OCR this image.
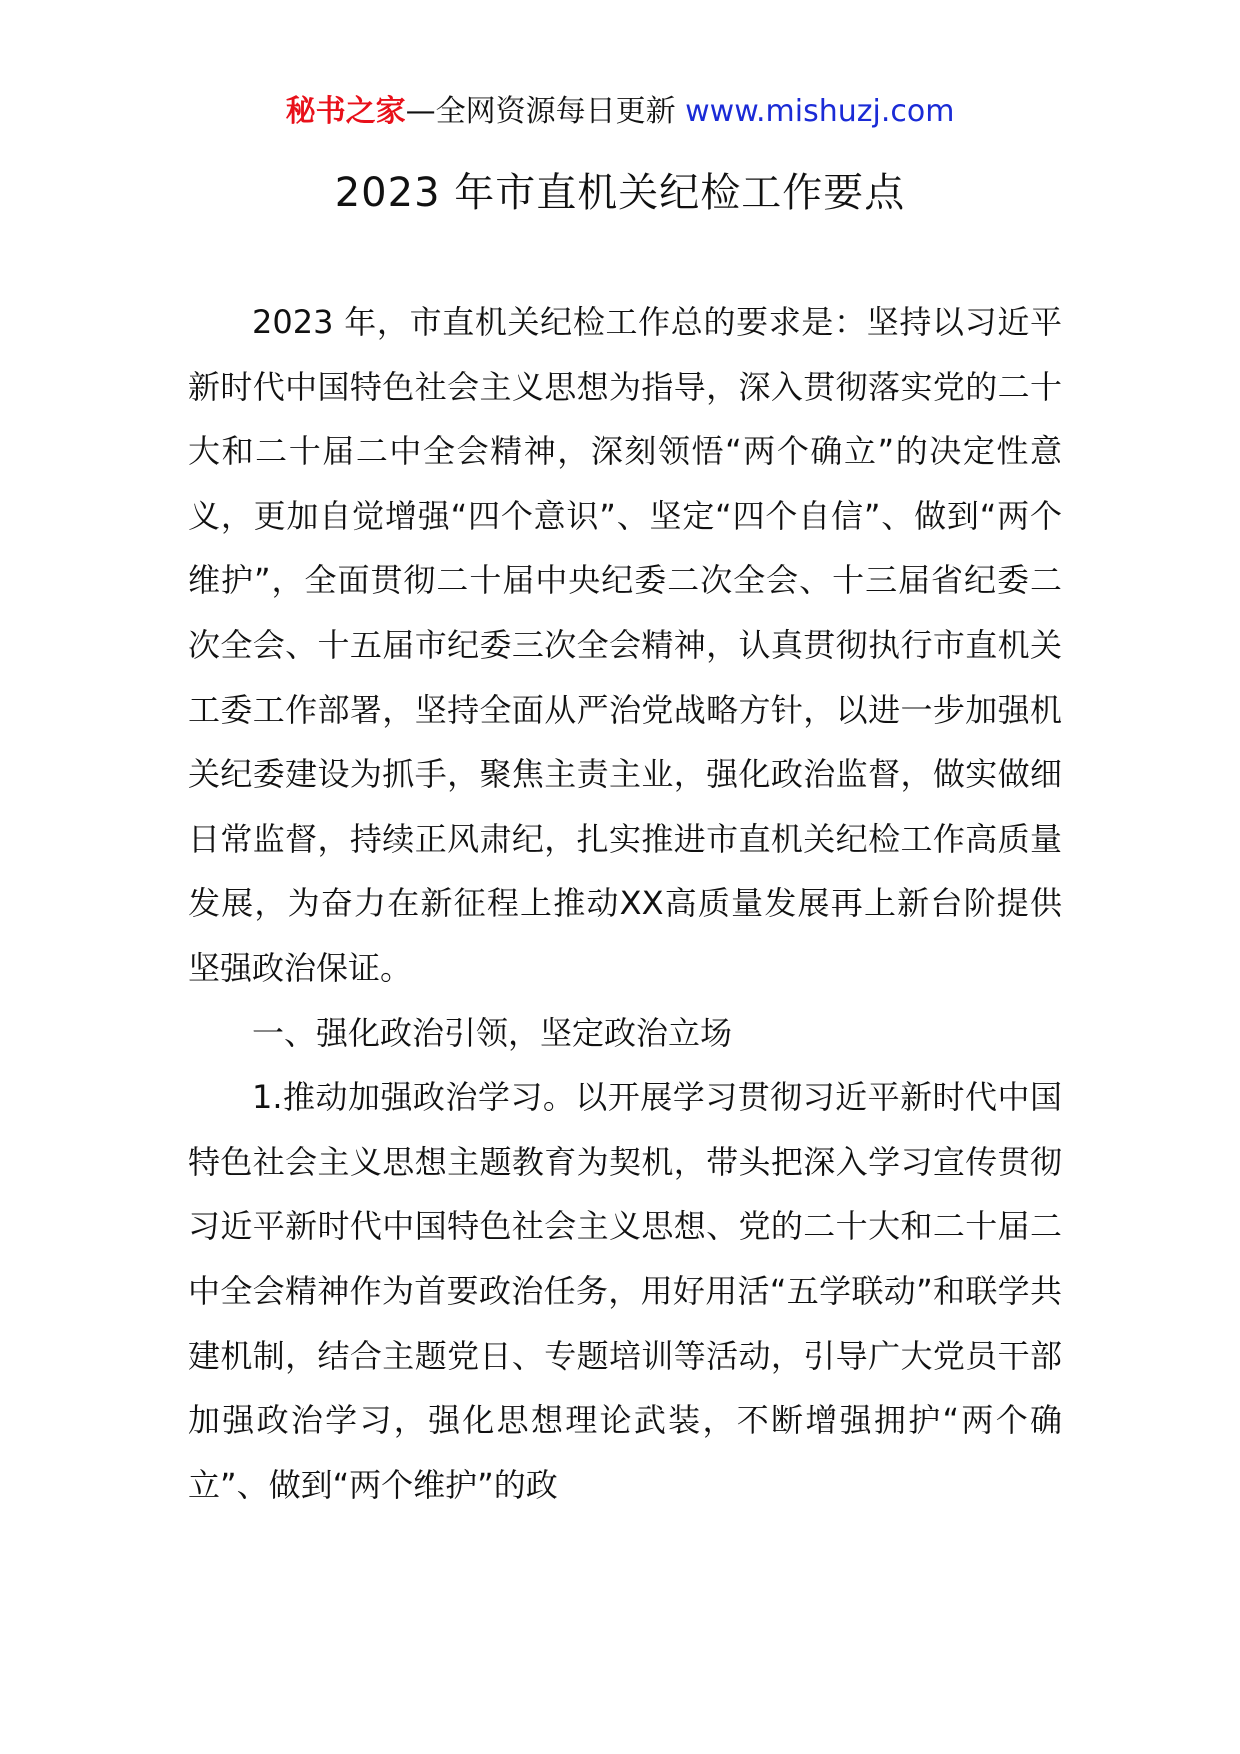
秘书之家—全网资源每日更新 www.mishuzj.com
2023 年市直机关纪检工作要点

2023 年，市直机关纪检工作总的要求是：坚持以习近平新时代中国特色社会主义思想为指导，深入贯彻落实党的二十大和二十届二中全会精神，深刻领悟“两个确立”的决定性意义，更加自觉增强“四个意识”、坚定“四个自信”、做到“两个维护”，全面贯彻二十届中央纪委二次全会、十三届省纪委二次全会、十五届市纪委三次全会精神，认真贯彻执行市直机关工委工作部署，坚持全面从严治党战略方针，以进一步加强机关纪委建设为抓手，聚焦主责主业，强化政治监督，做实做细日常监督，持续正风肃纪，扎实推进市直机关纪检工作高质量发展，为奋力在新征程上推动XX高质量发展再上新台阶提供坚强政治保证。

一、强化政治引领，坚定政治立场

1.推动加强政治学习。以开展学习贯彻习近平新时代中国特色社会主义思想主题教育为契机，带头把深入学习宣传贯彻习近平新时代中国特色社会主义思想、党的二十大和二十届二中全会精神作为首要政治任务，用好用活“五学联动”和联学共建机制，结合主题党日、专题培训等活动，引导广大党员干部加强政治学习，强化思想理论武装，不断增强拥护“两个确立”、做到“两个维护”的政
